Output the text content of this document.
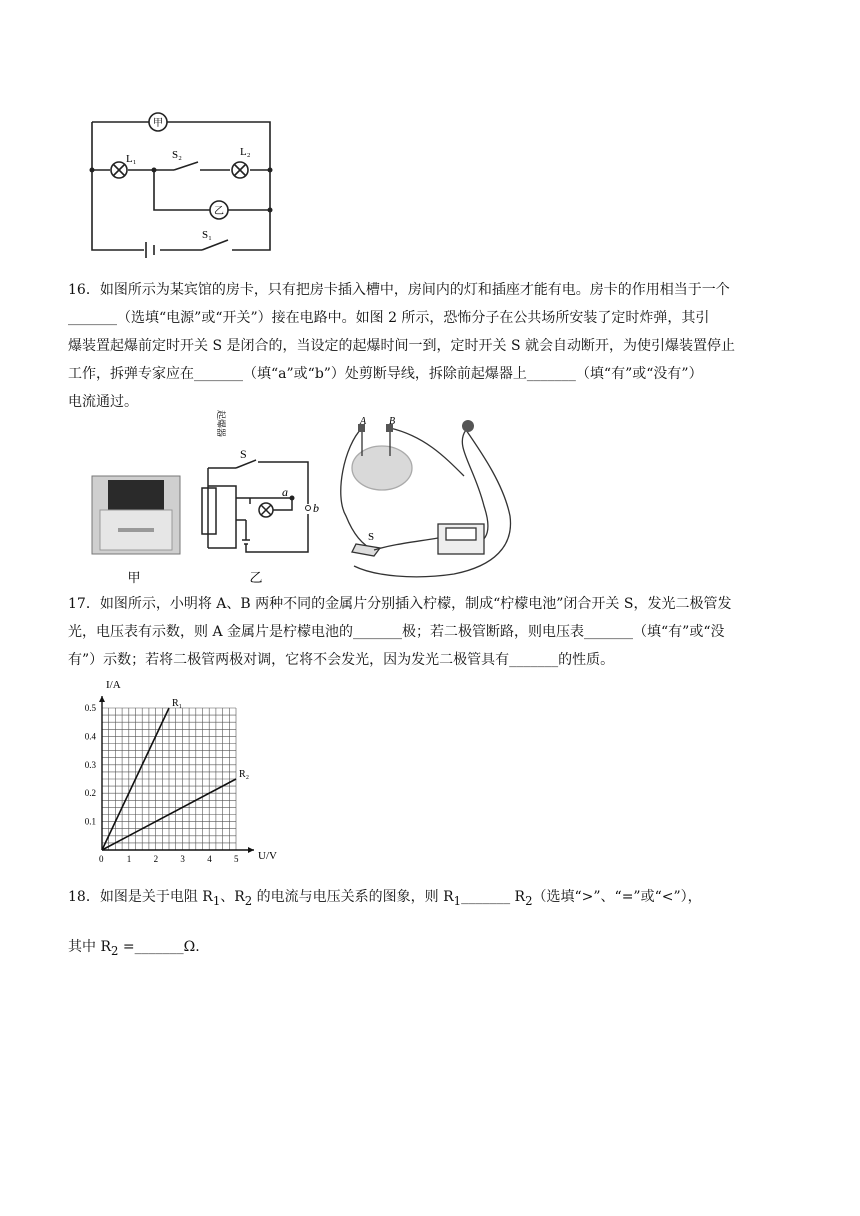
甲
乙
L₁
L₂
S₂
S₁
16．如图所示为某宾馆的房卡，只有把房卡插入槽中，房间内的灯和插座才能有电。房卡的作用相当于一个
_______（选填“电源”或“开关”）接在电路中。如图 2 所示，恐怖分子在公共场所安装了定时炸弹，其引
爆装置起爆前定时开关 S 是闭合的，当设定的起爆时间一到，定时开关 S 就会自动断开，为使引爆装置停止
工作，拆弹专家应在_______（填“a”或“b”）处剪断导线，拆除前起爆器上_______（填“有”或“没有”）
电流通过。
甲
S
a
b
起爆器
乙
A B
S
17．如图所示，小明将 A、B 两种不同的金属片分别插入柠檬，制成“柠檬电池”闭合开关 S，发光二极管发
光，电压表有示数，则 A 金属片是柠檬电池的_______极；若二极管断路，则电压表_______（填“有”或“没
有”）示数；若将二极管两极对调，它将不会发光，因为发光二极管具有_______的性质。
0	1 2 3 4 5
0.1
0.2
0.3
0.4
0.5	R₁
R₂
U/V
I/A
18．如图是关于电阻 $R_1$、$R_2$ 的电流与电压关系的图象，则 $R_1\_\_\_\_\_\_\_$ $R_2$（选填“>”、“=”或“<”），
其中 $R_2$ =_______Ω.
